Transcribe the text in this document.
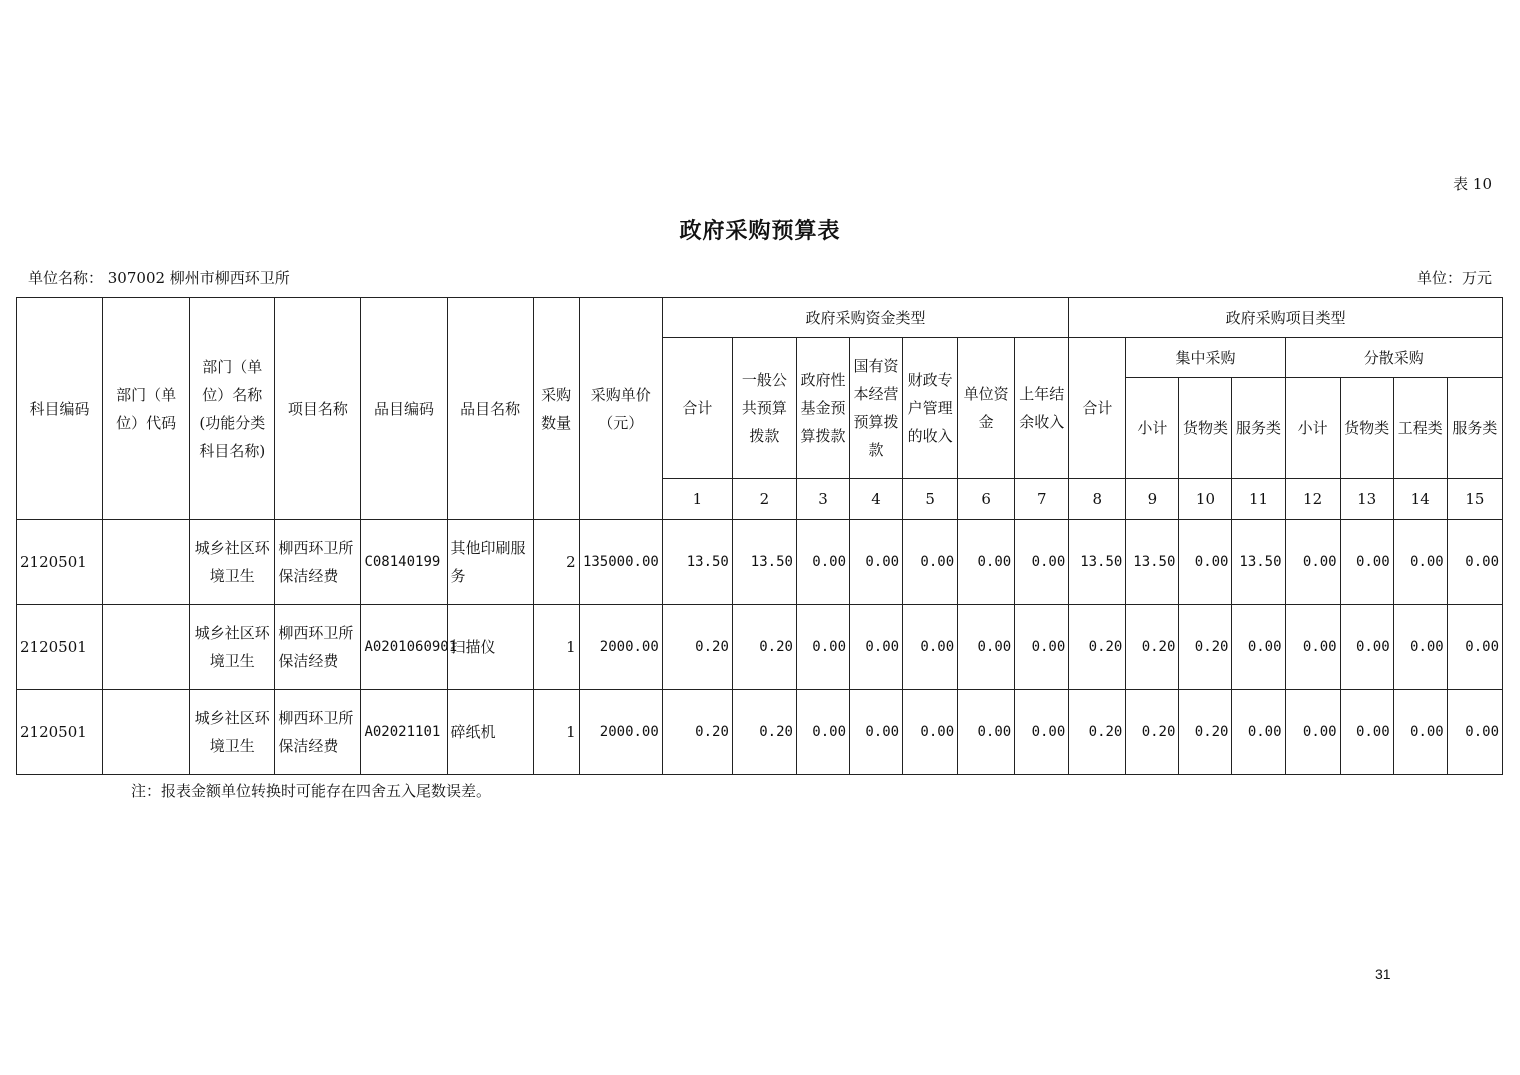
表 10
政府采购预算表
单位名称： 307002 柳州市柳西环卫所	单位：万元
科目编码	部门（单位）代码	部门（单位）名称(功能分类科目名称)	项目名称	品目编码	品目名称	采购数量	采购单价（元）	政府采购资金类型							政府采购项目类型							
								合计	一般公共预算拨款	政府性基金预算拨款	国有资本经营预算拨款	财政专户管理的收入	单位资金	上年结余收入	合计	集中采购			分散采购			
																小计	货物类	服务类	小计	货物类	工程类	服务类
								1	2	3	4	5	6	7	8	9	10	11	12	13	14	15
2120501		城乡社区环境卫生	柳西环卫所保洁经费	C08140199	其他印刷服务	2	135000.00	13.50	13.50	0.00	0.00	0.00	0.00	0.00	13.50	13.50	0.00	13.50	0.00	0.00	0.00	0.00
2120501		城乡社区环境卫生	柳西环卫所保洁经费	A0201060901	扫描仪	1	2000.00	0.20	0.20	0.00	0.00	0.00	0.00	0.00	0.20	0.20	0.20	0.00	0.00	0.00	0.00	0.00
2120501		城乡社区环境卫生	柳西环卫所保洁经费	A02021101	碎纸机	1	2000.00	0.20	0.20	0.00	0.00	0.00	0.00	0.00	0.20	0.20	0.20	0.00	0.00	0.00	0.00	0.00
注：报表金额单位转换时可能存在四舍五入尾数误差。
31
